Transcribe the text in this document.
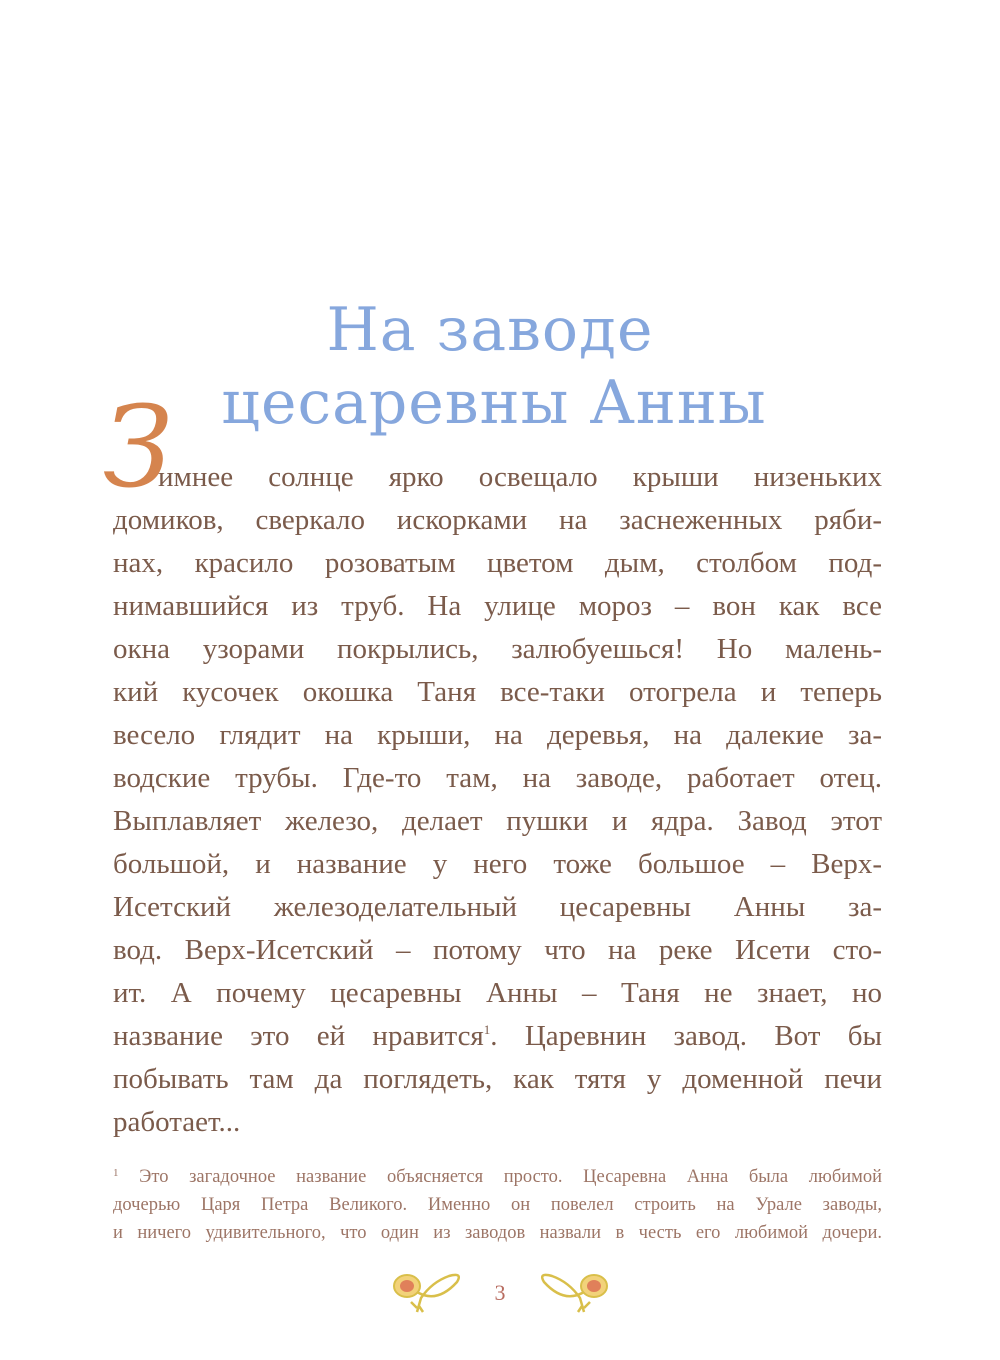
На заводе
цесаревны Анны
З
имнее солнце ярко освещало крыши низеньких
домиков, сверкало искорками на заснеженных ряби-
нах, красило розоватым цветом дым, столбом под-
нимавшийся из труб. На улице мороз – вон как все
окна узорами покрылись, залюбуешься! Но малень-
кий кусочек окошка Таня все-таки отогрела и теперь
весело глядит на крыши, на деревья, на далекие за-
водские трубы. Где-то там, на заводе, работает отец.
Выплавляет железо, делает пушки и ядра. Завод этот
большой, и название у него тоже большое – Верх-
Исетский железоделательный цесаревны Анны за-
вод. Верх-Исетский – потому что на реке Исети сто-
ит. А почему цесаревны Анны – Таня не знает, но
название это ей нравится$^1$. Царевнин завод. Вот бы
побывать там да поглядеть, как тятя у доменной печи
работает...
$^1$ Это загадочное название объясняется просто. Цесаревна Анна была любимой
дочерью Царя Петра Великого. Именно он повелел строить на Урале заводы,
и ничего удивительного, что один из заводов назвали в честь его любимой дочери.
3
